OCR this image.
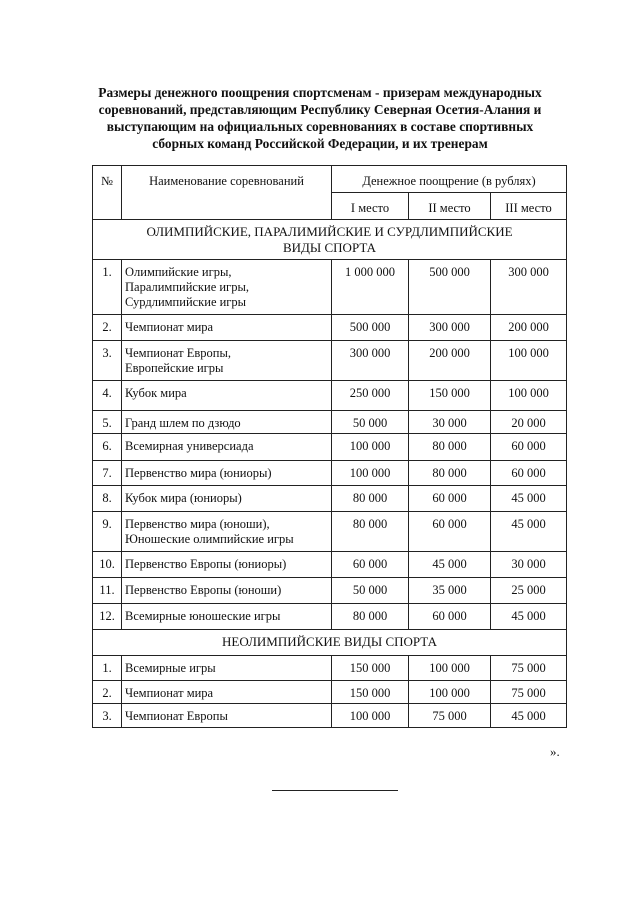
Размеры денежного поощрения спортсменам - призерам международных
соревнований, представляющим Республику Северная Осетия-Алания и
выступающим на официальных соревнованиях в составе спортивных
сборных команд Российской Федерации, и их тренерам
№	Наименование соревнований	Денежное поощрение (в рублях)		
		I место	II место	III место

ОЛИМПИЙСКИЕ, ПАРАЛИМИЙСКИЕ И СУРДЛИМПИЙСКИЕ
ВИДЫ СПОРТА				

1.	Олимпийские игры,
Паралимпийские игры,
Сурдлимпийские игры	1 000 000	500 000	300 000
2.	Чемпионат мира	500 000	300 000	200 000
3.	Чемпионат Европы,
Европейские игры	300 000	200 000	100 000
4.	Кубок мира	250 000	150 000	100 000
5.	Гранд шлем по дзюдо	50 000	30 000	20 000
6.	Всемирная универсиада	100 000	80 000	60 000
7.	Первенство мира (юниоры)	100 000	80 000	60 000
8.	Кубок мира (юниоры)	80 000	60 000	45 000
9.	Первенство мира (юноши),
Юношеские олимпийские игры	80 000	60 000	45 000
10.	Первенство Европы (юниоры)	60 000	45 000	30 000
11.	Первенство Европы (юноши)	50 000	35 000	25 000
12.	Всемирные юношеские игры	80 000	60 000	45 000

НЕОЛИМПИЙСКИЕ ВИДЫ СПОРТА				

1.	Всемирные игры	150 000	100 000	75 000
2.	Чемпионат мира	150 000	100 000	75 000
3.	Чемпионат Европы	100 000	75 000	45 000
».
